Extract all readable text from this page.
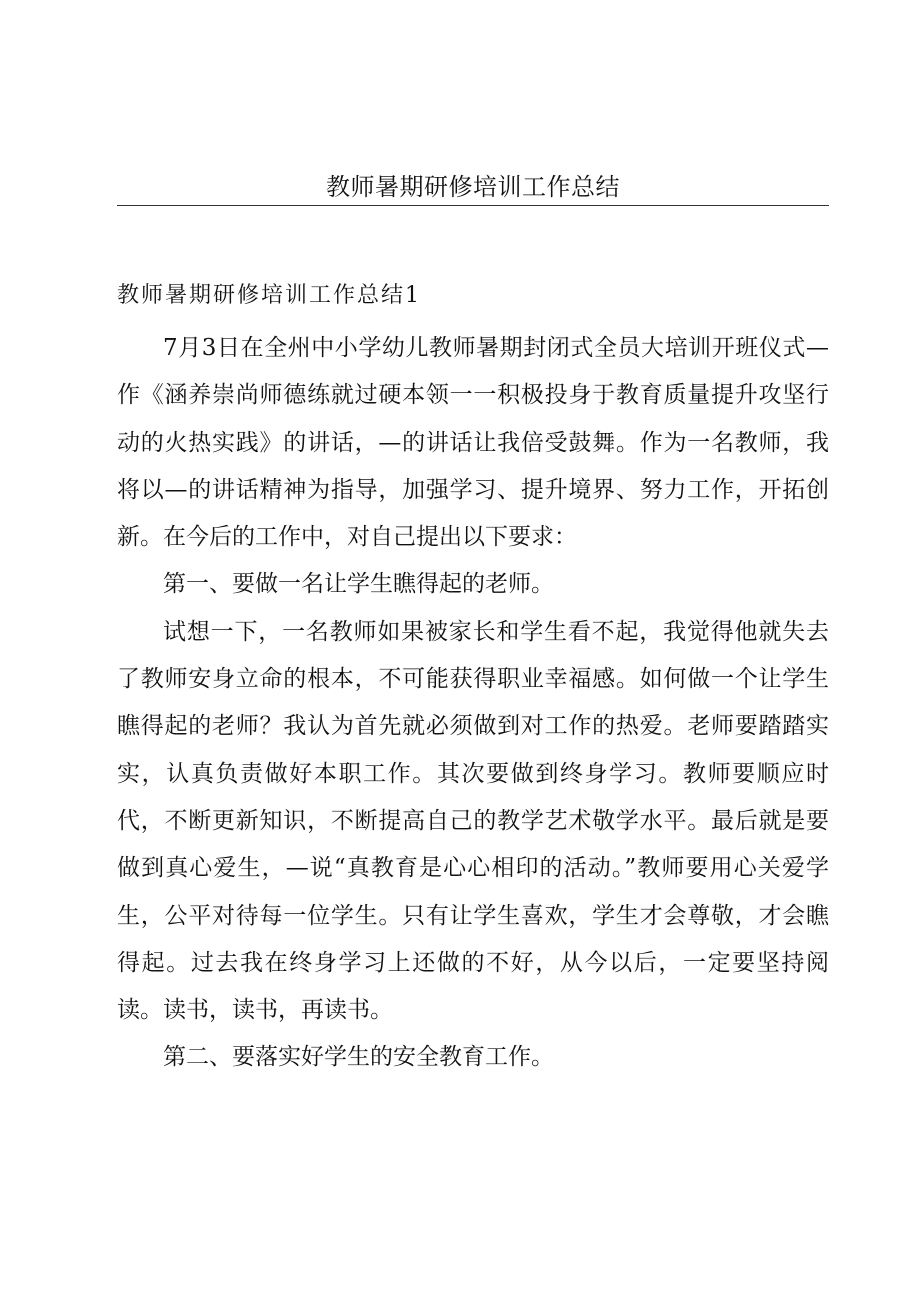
教师暑期研修培训工作总结
教师暑期研修培训工作总结1

7月3日在全州中小学幼儿教师暑期封闭式全员大培训开班仪式—作《涵养崇尚师德练就过硬本领一一积极投身于教育质量提升攻坚行动的火热实践》的讲话，—的讲话让我倍受鼓舞。作为一名教师，我将以—的讲话精神为指导，加强学习、提升境界、努力工作，开拓创新。在今后的工作中，对自己提出以下要求：

第一、要做一名让学生瞧得起的老师。

试想一下，一名教师如果被家长和学生看不起，我觉得他就失去了教师安身立命的根本，不可能获得职业幸福感。如何做一个让学生瞧得起的老师？我认为首先就必须做到对工作的热爱。老师要踏踏实实，认真负责做好本职工作。其次要做到终身学习。教师要顺应时代，不断更新知识，不断提高自己的教学艺术敬学水平。最后就是要做到真心爱生，—说“真教育是心心相印的活动。”教师要用心关爱学生，公平对待每一位学生。只有让学生喜欢，学生才会尊敬，才会瞧得起。过去我在终身学习上还做的不好，从今以后，一定要坚持阅读。读书，读书，再读书。

第二、要落实好学生的安全教育工作。
